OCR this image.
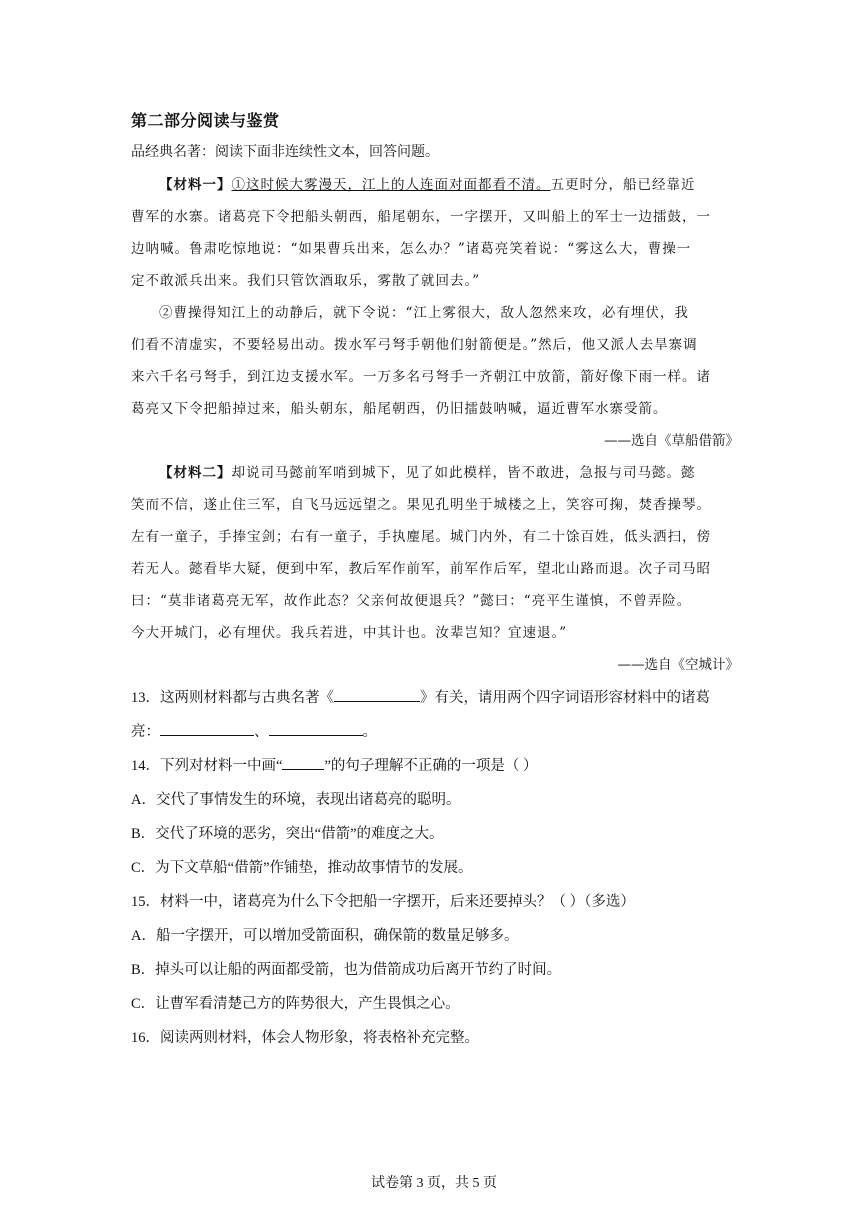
第二部分阅读与鉴赏

品经典名著：阅读下面非连续性文本，回答问题。

【材料一】①这时候大雾漫天，江上的人连面对面都看不清。五更时分，船已经靠近

曹军的水寨。诸葛亮下令把船头朝西，船尾朝东，一字摆开，又叫船上的军士一边擂鼓，一

边呐喊。鲁肃吃惊地说：“如果曹兵出来，怎么办？”诸葛亮笑着说：“雾这么大，曹操一

定不敢派兵出来。我们只管饮酒取乐，雾散了就回去。”

②曹操得知江上的动静后，就下令说：“江上雾很大，敌人忽然来攻，必有埋伏，我

们看不清虚实，不要轻易出动。拨水军弓弩手朝他们射箭便是。”然后，他又派人去旱寨调

来六千名弓弩手，到江边支援水军。一万多名弓弩手一齐朝江中放箭，箭好像下雨一样。诸

葛亮又下令把船掉过来，船头朝东，船尾朝西，仍旧擂鼓呐喊，逼近曹军水寨受箭。

——选自《草船借箭》

【材料二】却说司马懿前军哨到城下，见了如此模样，皆不敢进，急报与司马懿。懿

笑而不信，遂止住三军，自飞马远远望之。果见孔明坐于城楼之上，笑容可掬，焚香操琴。

左有一童子，手捧宝剑；右有一童子，手执麈尾。城门内外，有二十馀百姓，低头洒扫，傍

若无人。懿看毕大疑，便到中军，教后军作前军，前军作后军，望北山路而退。次子司马昭

曰：“莫非诸葛亮无军，故作此态？父亲何故便退兵？”懿曰：“亮平生谨慎，不曾弄险。

今大开城门，必有埋伏。我兵若进，中其计也。汝辈岂知？宜速退。”

——选自《空城计》

13．这两则材料都与古典名著《	》有关，请用两个四字词语形容材料中的诸葛

亮：	、	。

14．下列对材料一中画“	”的句子理解不正确的一项是（ ）

A．交代了事情发生的环境，表现出诸葛亮的聪明。

B．交代了环境的恶劣，突出“借箭”的难度之大。

C．为下文草船“借箭”作铺垫，推动故事情节的发展。

15．材料一中，诸葛亮为什么下令把船一字摆开，后来还要掉头？（ ）（多选）

A．船一字摆开，可以增加受箭面积，确保箭的数量足够多。

B．掉头可以让船的两面都受箭，也为借箭成功后离开节约了时间。

C．让曹军看清楚己方的阵势很大，产生畏惧之心。

16．阅读两则材料，体会人物形象，将表格补充完整。

试卷第 3 页，共 5 页
